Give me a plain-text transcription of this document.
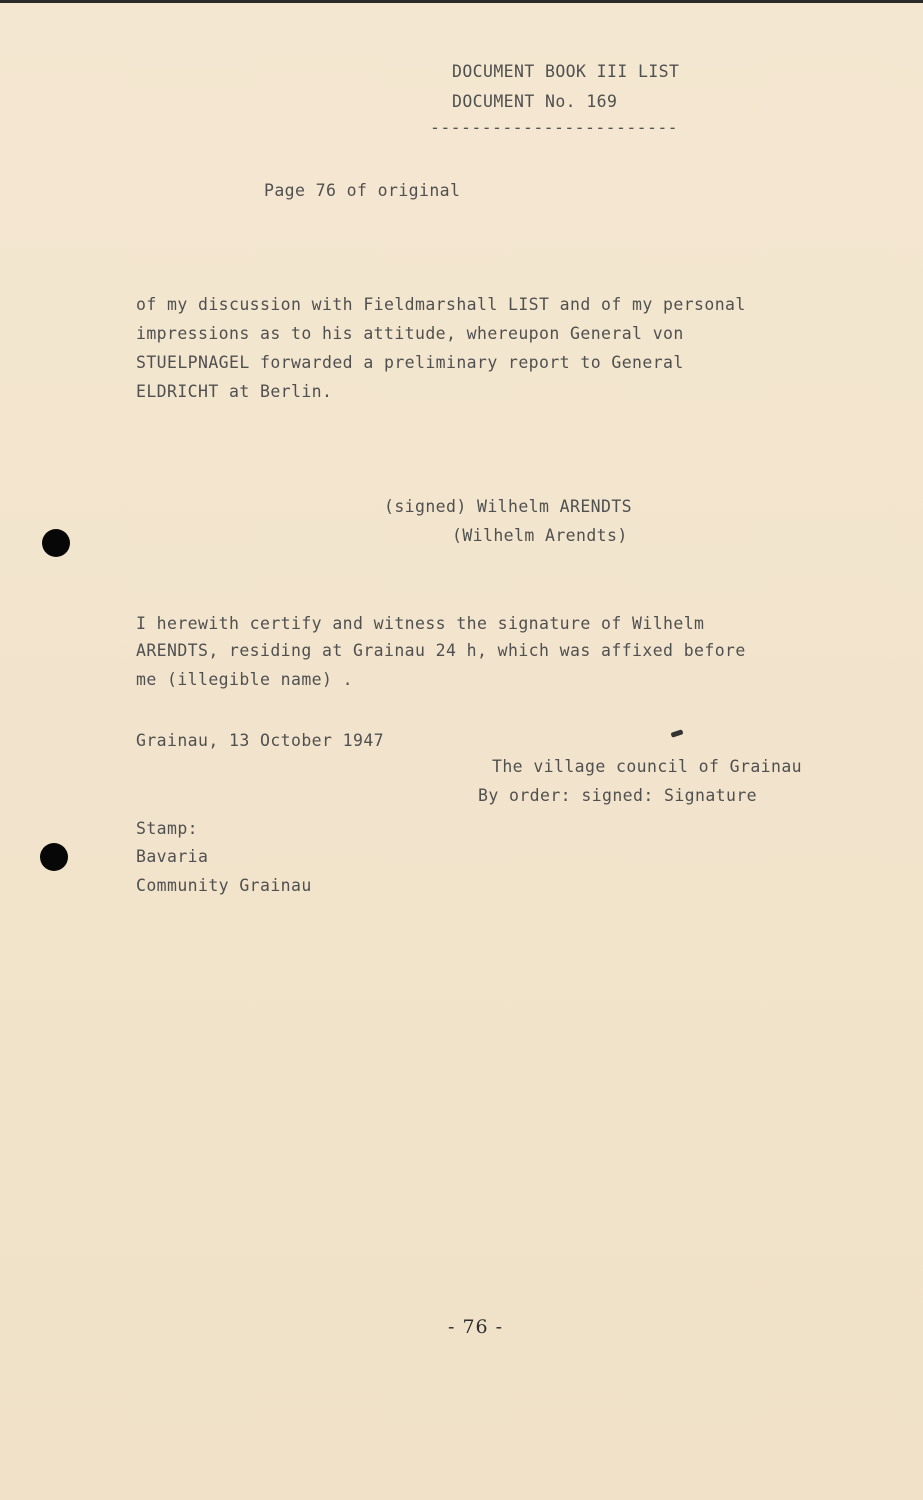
DOCUMENT BOOK III LIST
DOCUMENT No. 169
------------------------
Page 76 of original
of my discussion with Fieldmarshall LIST and of my personal
impressions as to his attitude, whereupon General von
STUELPNAGEL forwarded a preliminary report to General
ELDRICHT at Berlin.
(signed) Wilhelm ARENDTS
(Wilhelm Arendts)
I herewith certify and witness the signature of Wilhelm
ARENDTS, residing at Grainau 24 h, which was affixed before
me (illegible name) .
Grainau, 13 October 1947
The village council of Grainau
By order: signed: Signature
Stamp:
Bavaria
Community Grainau
- 76 -
